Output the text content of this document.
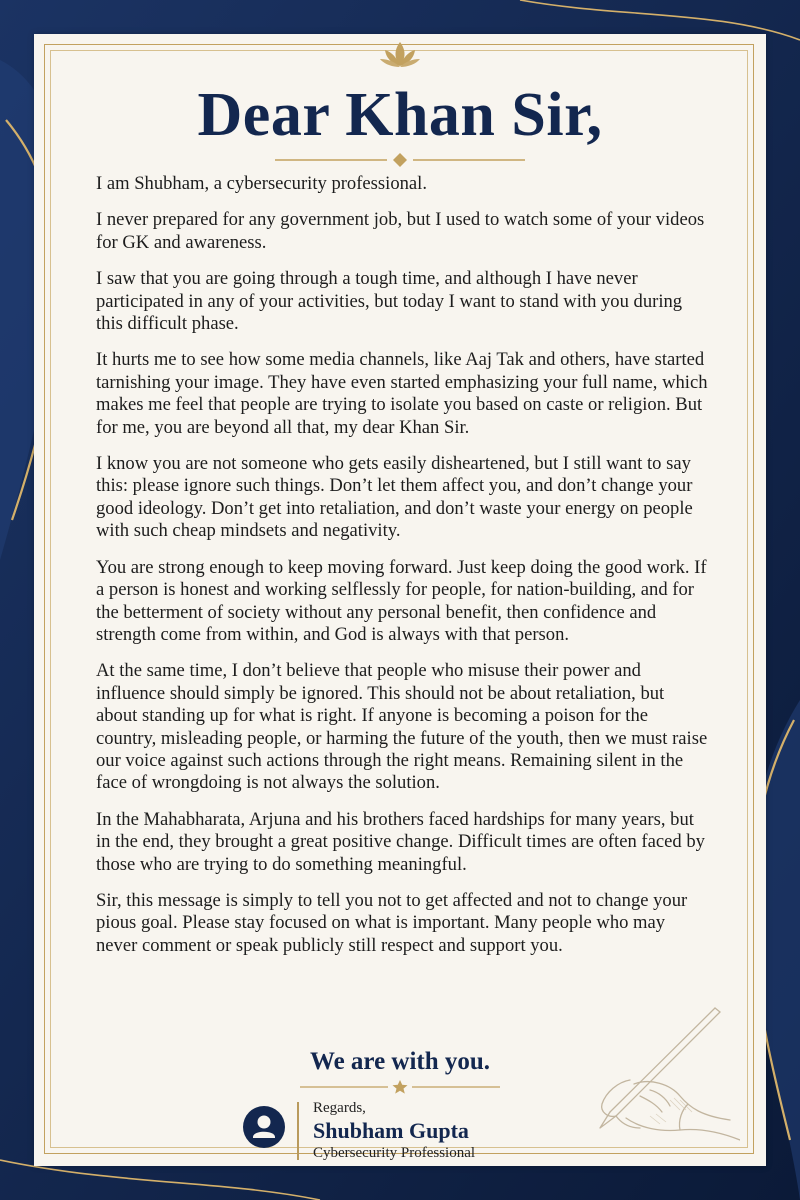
Dear Khan Sir,

I am Shubham, a cybersecurity professional.

I never prepared for any government job, but I used to watch some of your videos for GK and awareness.

I saw that you are going through a tough time, and although I have never participated in any of your activities, but today I want to stand with you during this difficult phase.

It hurts me to see how some media channels, like Aaj Tak and others, have started tarnishing your image. They have even started emphasizing your full name, which makes me feel that people are trying to isolate you based on caste or religion. But for me, you are beyond all that, my dear Khan Sir.

I know you are not someone who gets easily disheartened, but I still want to say this: please ignore such things. Don’t let them affect you, and don’t change your good ideology. Don’t get into retaliation, and don’t waste your energy on people with such cheap mindsets and negativity.

You are strong enough to keep moving forward. Just keep doing the good work. If a person is honest and working selflessly for people, for nation-building, and for the betterment of society without any personal benefit, then confidence and strength come from within, and God is always with that person.

At the same time, I don’t believe that people who misuse their power and influence should simply be ignored. This should not be about retaliation, but about standing up for what is right. If anyone is becoming a poison for the country, misleading people, or harming the future of the youth, then we must raise our voice against such actions through the right means. Remaining silent in the face of wrongdoing is not always the solution.

In the Mahabharata, Arjuna and his brothers faced hardships for many years, but in the end, they brought a great positive change. Difficult times are often faced by those who are trying to do something meaningful.

Sir, this message is simply to tell you not to get affected and not to change your pious goal. Please stay focused on what is important. Many people who may never comment or speak publicly still respect and support you.

We are with you.

Regards,
Shubham Gupta
Cybersecurity Professional
